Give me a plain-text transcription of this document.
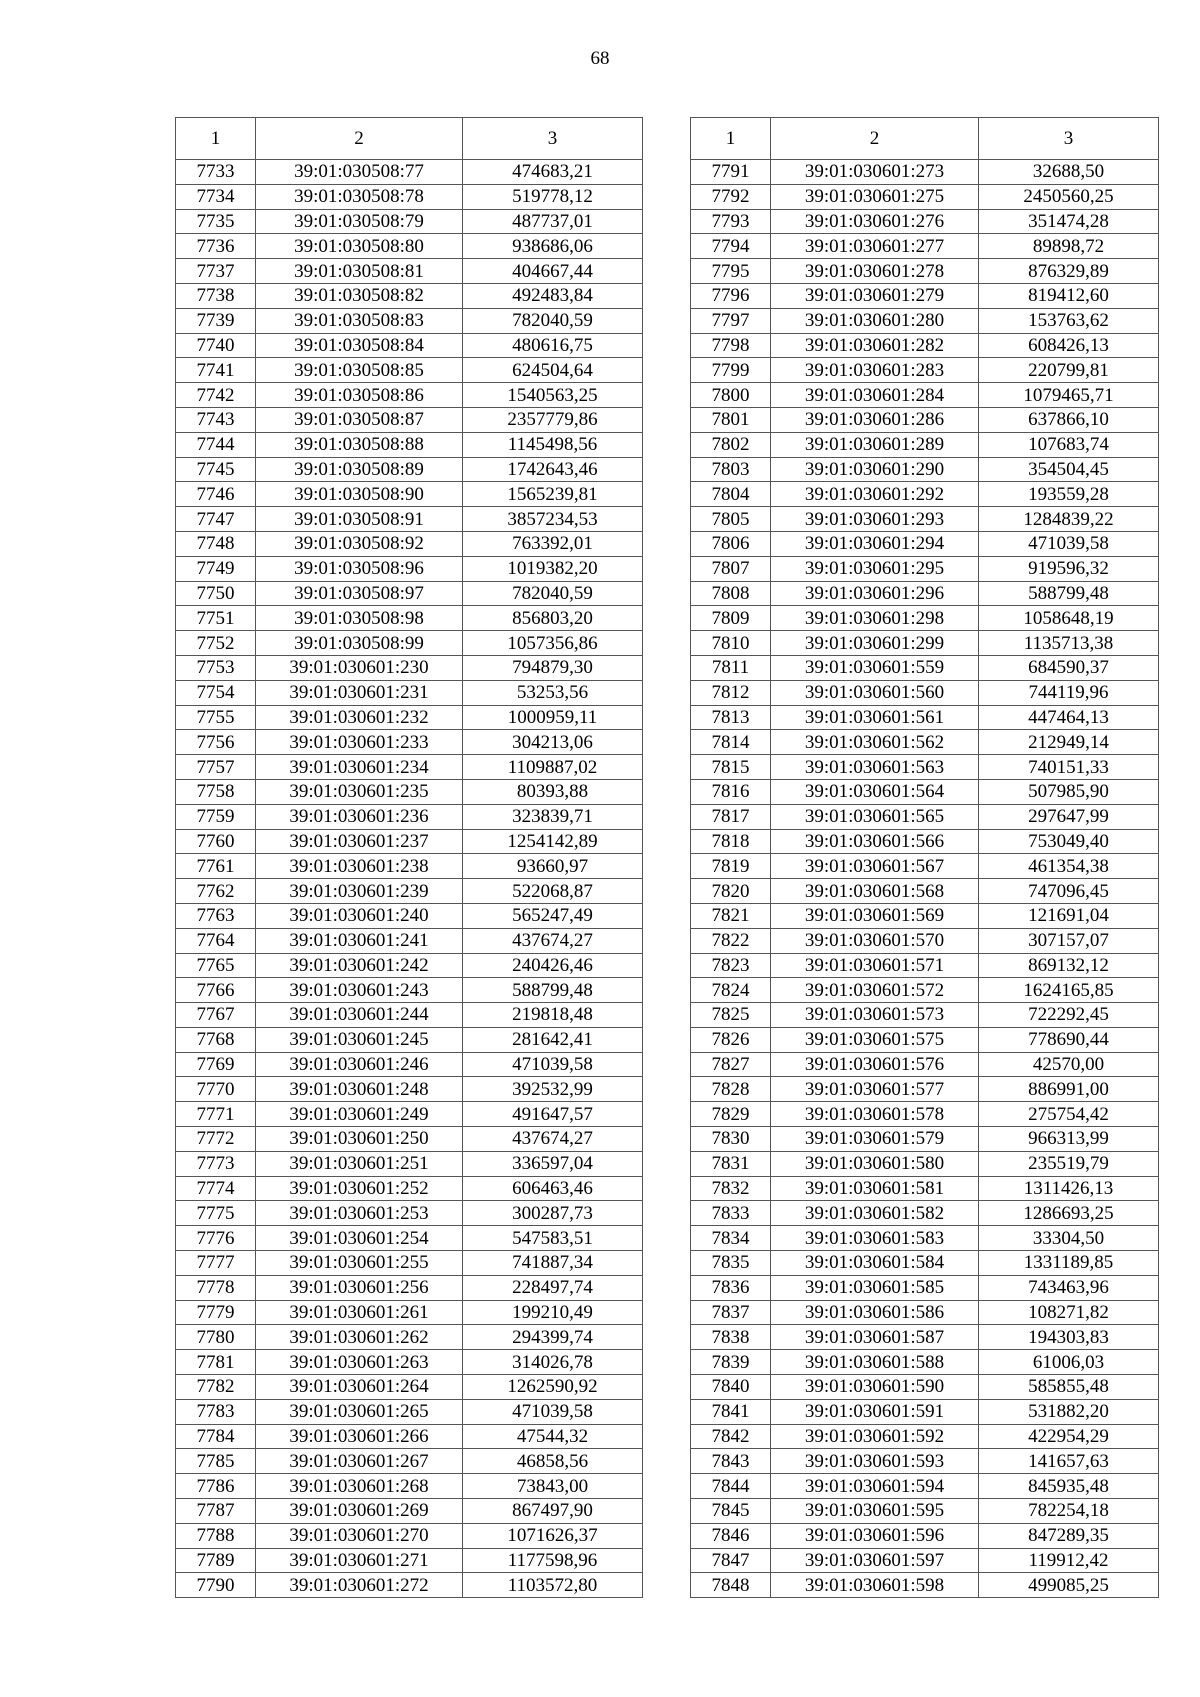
68
1	2	3
7733	39:01:030508:77	474683,21
7734	39:01:030508:78	519778,12
7735	39:01:030508:79	487737,01
7736	39:01:030508:80	938686,06
7737	39:01:030508:81	404667,44
7738	39:01:030508:82	492483,84
7739	39:01:030508:83	782040,59
7740	39:01:030508:84	480616,75
7741	39:01:030508:85	624504,64
7742	39:01:030508:86	1540563,25
7743	39:01:030508:87	2357779,86
7744	39:01:030508:88	1145498,56
7745	39:01:030508:89	1742643,46
7746	39:01:030508:90	1565239,81
7747	39:01:030508:91	3857234,53
7748	39:01:030508:92	763392,01
7749	39:01:030508:96	1019382,20
7750	39:01:030508:97	782040,59
7751	39:01:030508:98	856803,20
7752	39:01:030508:99	1057356,86
7753	39:01:030601:230	794879,30
7754	39:01:030601:231	53253,56
7755	39:01:030601:232	1000959,11
7756	39:01:030601:233	304213,06
7757	39:01:030601:234	1109887,02
7758	39:01:030601:235	80393,88
7759	39:01:030601:236	323839,71
7760	39:01:030601:237	1254142,89
7761	39:01:030601:238	93660,97
7762	39:01:030601:239	522068,87
7763	39:01:030601:240	565247,49
7764	39:01:030601:241	437674,27
7765	39:01:030601:242	240426,46
7766	39:01:030601:243	588799,48
7767	39:01:030601:244	219818,48
7768	39:01:030601:245	281642,41
7769	39:01:030601:246	471039,58
7770	39:01:030601:248	392532,99
7771	39:01:030601:249	491647,57
7772	39:01:030601:250	437674,27
7773	39:01:030601:251	336597,04
7774	39:01:030601:252	606463,46
7775	39:01:030601:253	300287,73
7776	39:01:030601:254	547583,51
7777	39:01:030601:255	741887,34
7778	39:01:030601:256	228497,74
7779	39:01:030601:261	199210,49
7780	39:01:030601:262	294399,74
7781	39:01:030601:263	314026,78
7782	39:01:030601:264	1262590,92
7783	39:01:030601:265	471039,58
7784	39:01:030601:266	47544,32
7785	39:01:030601:267	46858,56
7786	39:01:030601:268	73843,00
7787	39:01:030601:269	867497,90
7788	39:01:030601:270	1071626,37
7789	39:01:030601:271	1177598,96
7790	39:01:030601:272	1103572,80
1	2	3
7791	39:01:030601:273	32688,50
7792	39:01:030601:275	2450560,25
7793	39:01:030601:276	351474,28
7794	39:01:030601:277	89898,72
7795	39:01:030601:278	876329,89
7796	39:01:030601:279	819412,60
7797	39:01:030601:280	153763,62
7798	39:01:030601:282	608426,13
7799	39:01:030601:283	220799,81
7800	39:01:030601:284	1079465,71
7801	39:01:030601:286	637866,10
7802	39:01:030601:289	107683,74
7803	39:01:030601:290	354504,45
7804	39:01:030601:292	193559,28
7805	39:01:030601:293	1284839,22
7806	39:01:030601:294	471039,58
7807	39:01:030601:295	919596,32
7808	39:01:030601:296	588799,48
7809	39:01:030601:298	1058648,19
7810	39:01:030601:299	1135713,38
7811	39:01:030601:559	684590,37
7812	39:01:030601:560	744119,96
7813	39:01:030601:561	447464,13
7814	39:01:030601:562	212949,14
7815	39:01:030601:563	740151,33
7816	39:01:030601:564	507985,90
7817	39:01:030601:565	297647,99
7818	39:01:030601:566	753049,40
7819	39:01:030601:567	461354,38
7820	39:01:030601:568	747096,45
7821	39:01:030601:569	121691,04
7822	39:01:030601:570	307157,07
7823	39:01:030601:571	869132,12
7824	39:01:030601:572	1624165,85
7825	39:01:030601:573	722292,45
7826	39:01:030601:575	778690,44
7827	39:01:030601:576	42570,00
7828	39:01:030601:577	886991,00
7829	39:01:030601:578	275754,42
7830	39:01:030601:579	966313,99
7831	39:01:030601:580	235519,79
7832	39:01:030601:581	1311426,13
7833	39:01:030601:582	1286693,25
7834	39:01:030601:583	33304,50
7835	39:01:030601:584	1331189,85
7836	39:01:030601:585	743463,96
7837	39:01:030601:586	108271,82
7838	39:01:030601:587	194303,83
7839	39:01:030601:588	61006,03
7840	39:01:030601:590	585855,48
7841	39:01:030601:591	531882,20
7842	39:01:030601:592	422954,29
7843	39:01:030601:593	141657,63
7844	39:01:030601:594	845935,48
7845	39:01:030601:595	782254,18
7846	39:01:030601:596	847289,35
7847	39:01:030601:597	119912,42
7848	39:01:030601:598	499085,25
